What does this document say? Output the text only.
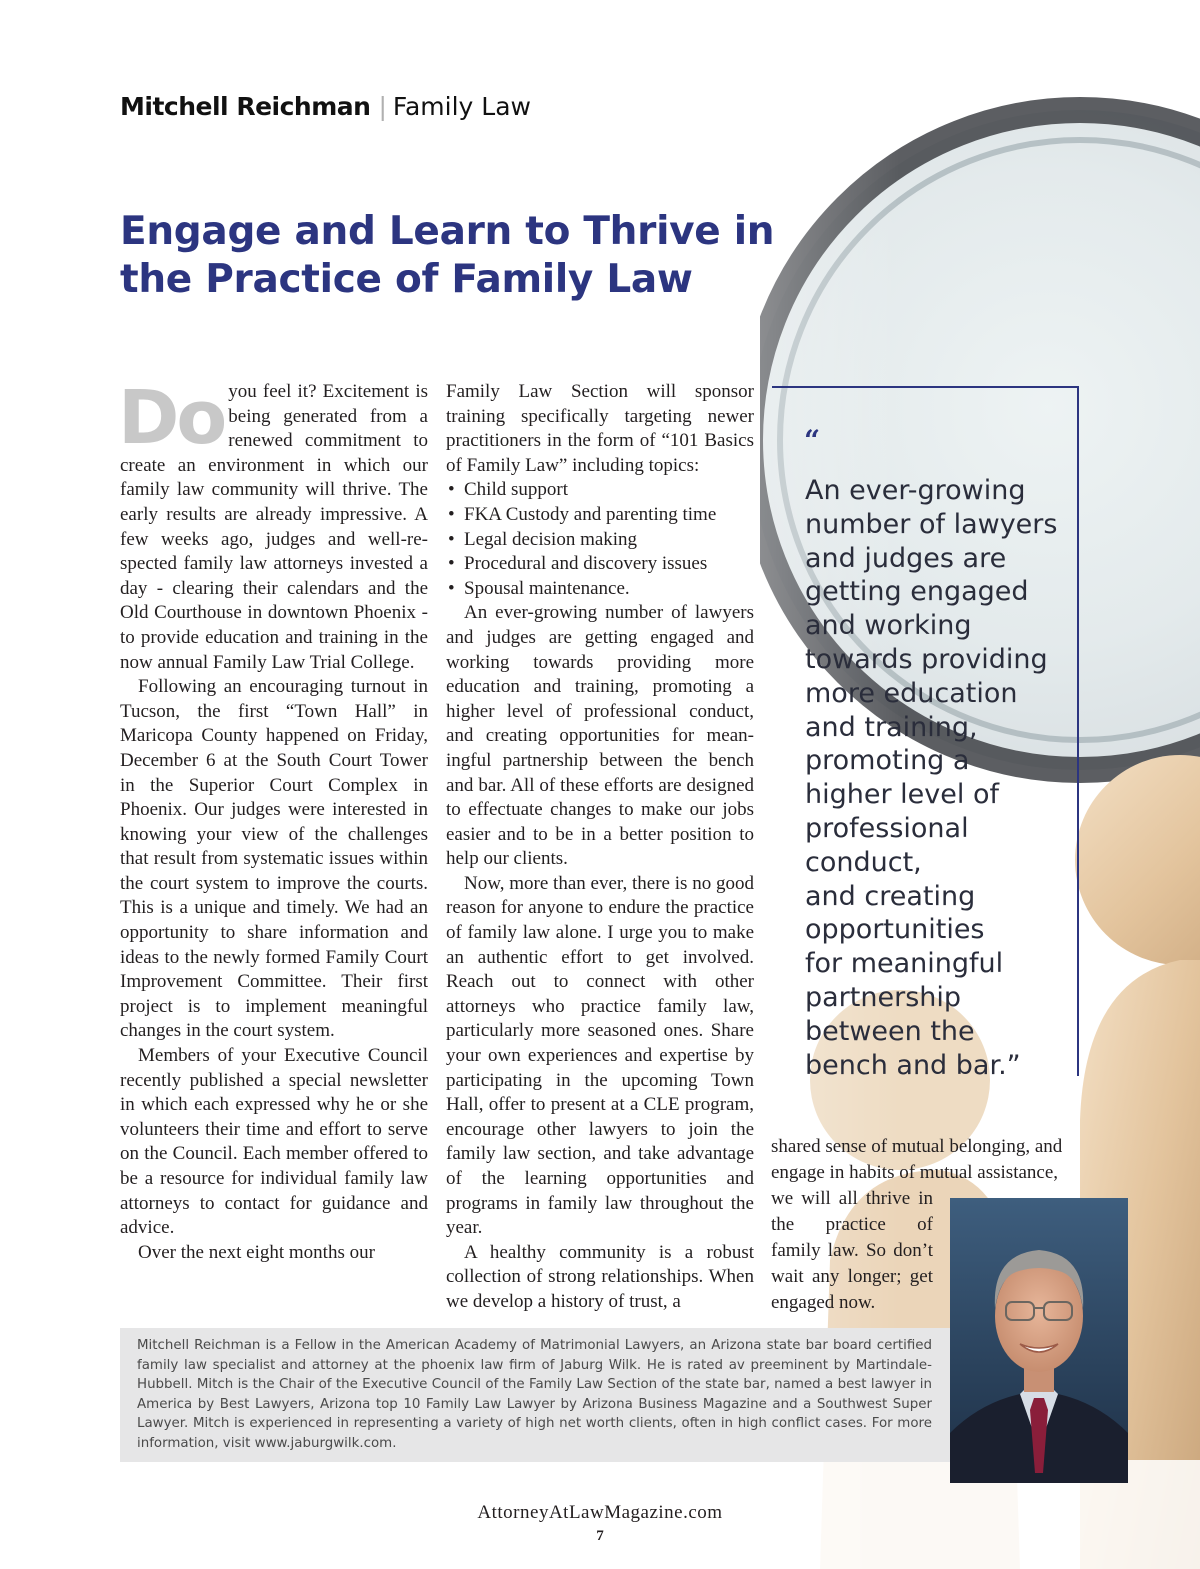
Mitchell Reichman | Family Law
Engage and Learn to Thrive in the Practice of Family Law

Do you feel it? Excitement is being generated from a renewed commitment to create an environment in which our family law community will thrive. The early results are already impressive. A few weeks ago, judges and well-respected family law attorneys invested a day - clearing their calendars and the Old Courthouse in downtown Phoenix - to provide education and training in the now annual Family Law Trial College.

Following an encouraging turnout in Tucson, the first “Town Hall” in Maricopa County happened on Friday, December 6 at the South Court Tower in the Superior Court Complex in Phoenix. Our judges were interested in knowing your view of the challenges that result from systematic issues within the court system to improve the courts. This is a unique and timely. We had an opportunity to share information and ideas to the newly formed Family Court Improvement Committee. Their first project is to implement meaningful changes in the court system.

Members of your Executive Council recently published a special newsletter in which each expressed why he or she volunteers their time and effort to serve on the Council. Each member offered to be a resource for individual family law attorneys to contact for guidance and advice.

Over the next eight months our

Family Law Section will sponsor training specifically targeting newer practitioners in the form of “101 Basics of Family Law” including topics:

• Child support
• FKA Custody and parenting time
• Legal decision making
• Procedural and discovery issues
• Spousal maintenance.

An ever-growing number of lawyers and judges are getting engaged and working towards providing more education and training, promoting a higher level of professional conduct, and creating opportunities for meaningful partnership between the bench and bar. All of these efforts are designed to effectuate changes to make our jobs easier and to be in a better position to help our clients.

Now, more than ever, there is no good reason for anyone to endure the practice of family law alone. I urge you to make an authentic effort to get involved. Reach out to connect with other attorneys who practice family law, particularly more seasoned ones. Share your own experiences and expertise by participating in the upcoming Town Hall, offer to present at a CLE program, encourage other lawyers to join the family law section, and take advantage of the learning opportunities and programs in family law throughout the year.

A healthy community is a robust collection of strong relationships. When we develop a history of trust, a

“
An ever-growing
number of lawyers
and judges are
getting engaged
and working
towards providing
more education
and training,
promoting a
higher level of
professional
conduct,
and creating
opportunities
for meaningful
partnership
between the
bench and bar.”
shared sense of mutual belonging, and
engage in habits of mutual assistance,
we will all thrive in the practice of family law. So don’t wait any longer; get engaged now.
Mitchell Reichman is a Fellow in the American Academy of Matrimonial Lawyers, an Arizona state bar board certified family law specialist and attorney at the phoenix law firm of Jaburg Wilk. He is rated av preeminent by Martindale-Hubbell. Mitch is the Chair of the Executive Council of the Family Law Section of the state bar, named a best lawyer in America by Best Lawyers, Arizona top 10 Family Law Lawyer by Arizona Business Magazine and a Southwest Super Lawyer. Mitch is experienced in representing a variety of high net worth clients, often in high conflict cases. For more information, visit www.jaburgwilk.com.
AttorneyAtLawMagazine.com
7
